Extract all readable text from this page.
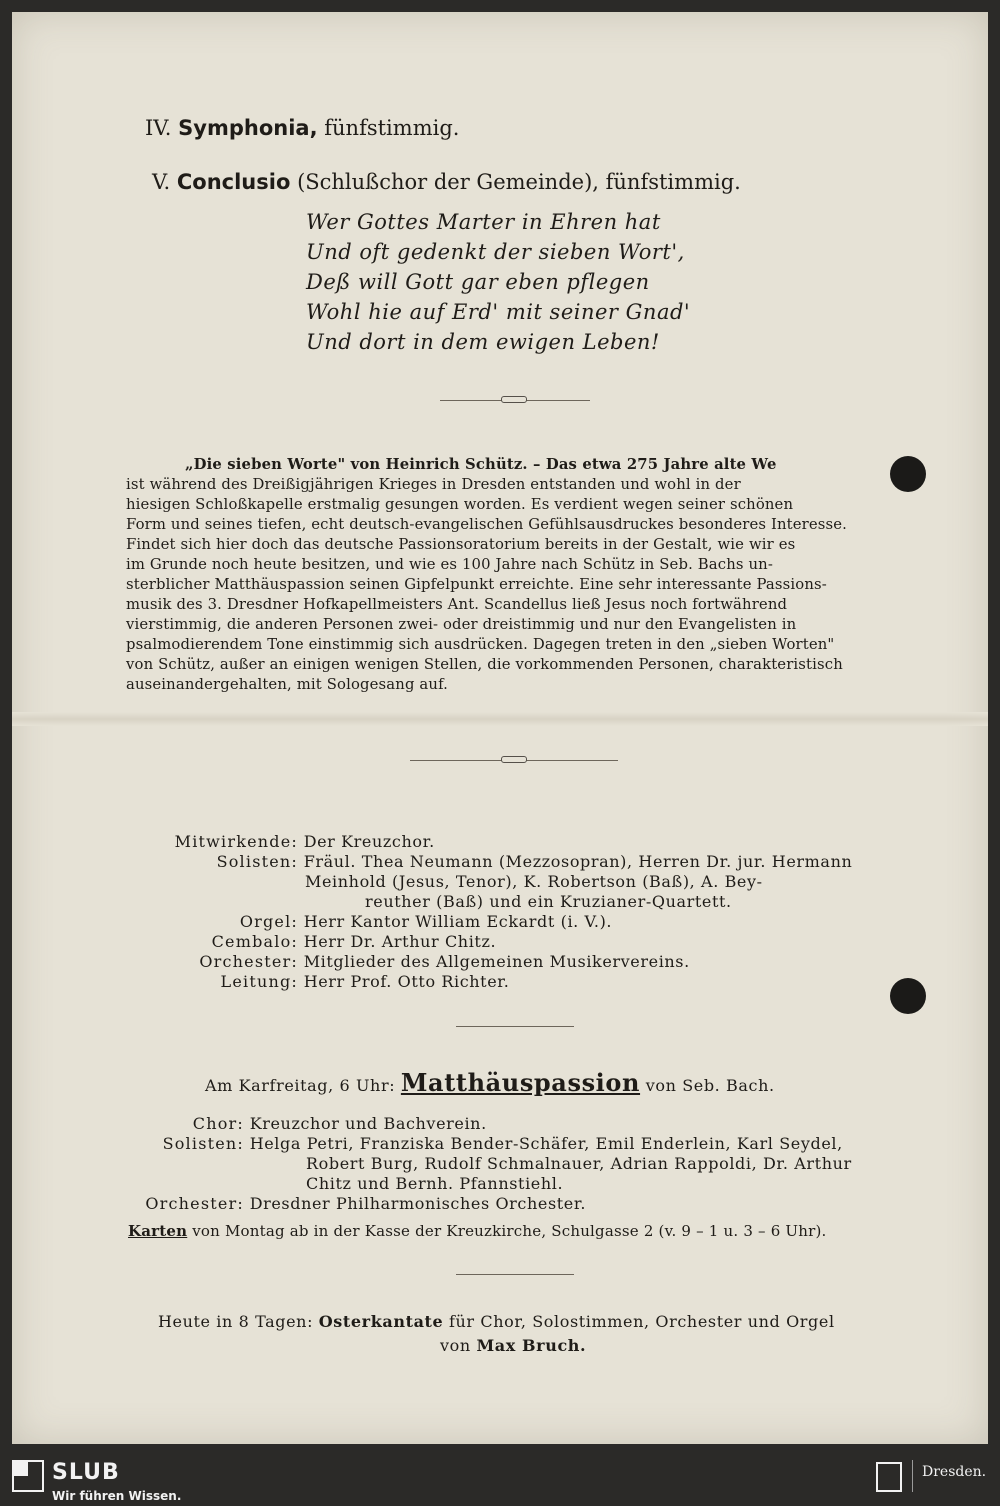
IV. Symphonia, fünfstimmig.
V. Conclusio (Schlußchor der Gemeinde), fünfstimmig.
Wer Gottes Marter in Ehren hat
Und oft gedenkt der sieben Wort',
Deß will Gott gar eben pflegen
Wohl hie auf Erd' mit seiner Gnad'
Und dort in dem ewigen Leben!
„Die sieben Worte" von Heinrich Schütz. – Das etwa 275 Jahre alte We
ist während des Dreißigjährigen Krieges in Dresden entstanden und wohl in der
hiesigen Schloßkapelle erstmalig gesungen worden. Es verdient wegen seiner schönen
Form und seines tiefen, echt deutsch-evangelischen Gefühlsausdruckes besonderes Interesse.
Findet sich hier doch das deutsche Passionsoratorium bereits in der Gestalt, wie wir es
im Grunde noch heute besitzen, und wie es 100 Jahre nach Schütz in Seb. Bachs un-
sterblicher Matthäuspassion seinen Gipfelpunkt erreichte. Eine sehr interessante Passions-
musik des 3. Dresdner Hofkapellmeisters Ant. Scandellus ließ Jesus noch fortwährend
vierstimmig, die anderen Personen zwei- oder dreistimmig und nur den Evangelisten in
psalmodierendem Tone einstimmig sich ausdrücken. Dagegen treten in den „sieben Worten"
von Schütz, außer an einigen wenigen Stellen, die vorkommenden Personen, charakteristisch
auseinandergehalten, mit Sologesang auf.
Mitwirkende: Der Kreuzchor.
Solisten: Fräul. Thea Neumann (Mezzosopran), Herren Dr. jur. Hermann
Meinhold (Jesus, Tenor), K. Robertson (Baß), A. Bey-
reuther (Baß) und ein Kruzianer-Quartett.
Orgel: Herr Kantor William Eckardt (i. V.).
Cembalo: Herr Dr. Arthur Chitz.
Orchester: Mitglieder des Allgemeinen Musikervereins.
Leitung: Herr Prof. Otto Richter.
Am Karfreitag, 6 Uhr: Matthäuspassion von Seb. Bach.
Chor: Kreuzchor und Bachverein.
Solisten: Helga Petri, Franziska Bender-Schäfer, Emil Enderlein, Karl Seydel,
Robert Burg, Rudolf Schmalnauer, Adrian Rappoldi, Dr. Arthur
Chitz und Bernh. Pfannstiehl.
Orchester: Dresdner Philharmonisches Orchester.
Karten von Montag ab in der Kasse der Kreuzkirche, Schulgasse 2 (v. 9 – 1 u. 3 – 6 Uhr).
Heute in 8 Tagen: Osterkantate für Chor, Solostimmen, Orchester und Orgel
von Max Bruch.
SLUB
Wir führen Wissen.
Dresden.
